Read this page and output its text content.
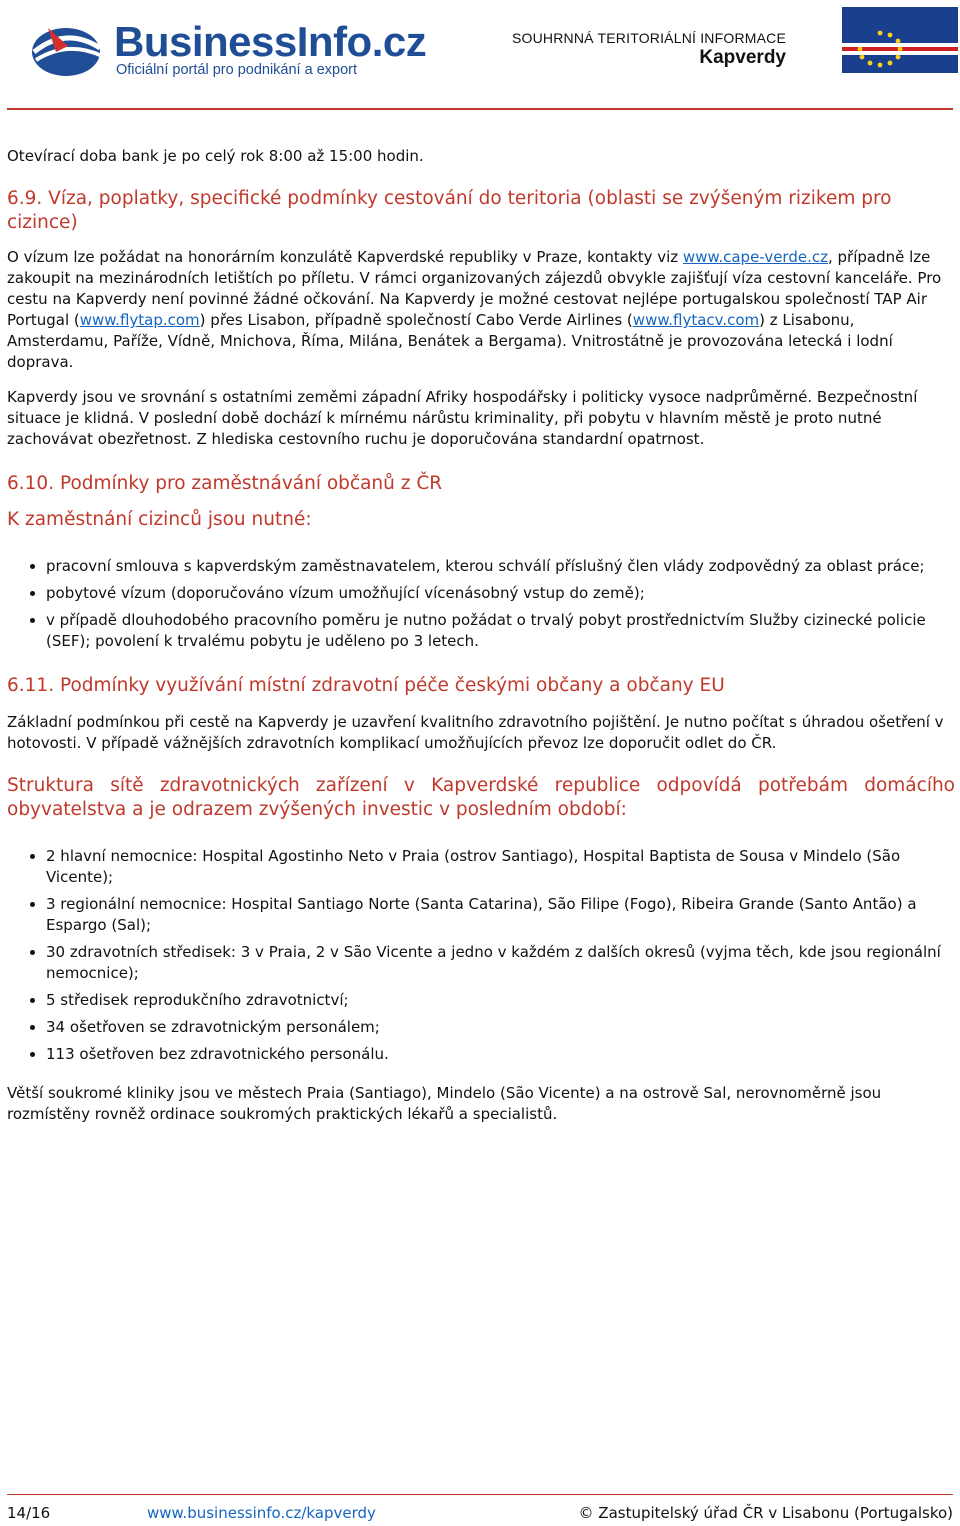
BusinessInfo.cz
Oficiální portál pro podnikání a export
SOUHRNNÁ TERITORIÁLNÍ INFORMACE
Kapverdy

Otevírací doba bank je po celý rok 8:00 až 15:00 hodin.

6.9. Víza, poplatky, specifické podmínky cestování do teritoria (oblasti se zvýšeným rizikem pro cizince)

O vízum lze požádat na honorárním konzulátě Kapverdské republiky v Praze, kontakty viz www.cape-verde.cz, případně lze zakoupit na mezinárodních letištích po příletu. V rámci organizovaných zájezdů obvykle zajišťují víza cestovní kanceláře. Pro cestu na Kapverdy není povinné žádné očkování. Na Kapverdy je možné cestovat nejlépe portugalskou společností TAP Air Portugal (www.flytap.com) přes Lisabon, případně společností Cabo Verde Airlines (www.flytacv.com) z Lisabonu, Amsterdamu, Paříže, Vídně, Mnichova, Říma, Milána, Benátek a Bergama). Vnitrostátně je provozována letecká i lodní doprava.

Kapverdy jsou ve srovnání s ostatními zeměmi západní Afriky hospodářsky i politicky vysoce nadprůměrné. Bezpečnostní situace je klidná. V poslední době dochází k mírnému nárůstu kriminality, při pobytu v hlavním městě je proto nutné zachovávat obezřetnost. Z hlediska cestovního ruchu je doporučována standardní opatrnost.

6.10. Podmínky pro zaměstnávání občanů z ČR
K zaměstnání cizinců jsou nutné:
• pracovní smlouva s kapverdským zaměstnavatelem, kterou schválí příslušný člen vlády zodpovědný za oblast práce;
• pobytové vízum (doporučováno vízum umožňující vícenásobný vstup do země);
• v případě dlouhodobého pracovního poměru je nutno požádat o trvalý pobyt prostřednictvím Služby cizinecké policie (SEF); povolení k trvalému pobytu je uděleno po 3 letech.
6.11. Podmínky využívání místní zdravotní péče českými občany a občany EU

Základní podmínkou při cestě na Kapverdy je uzavření kvalitního zdravotního pojištění. Je nutno počítat s úhradou ošetření v hotovosti. V případě vážnějších zdravotních komplikací umožňujících převoz lze doporučit odlet do ČR.

Struktura sítě zdravotnických zařízení v Kapverdské republice odpovídá potřebám domácího obyvatelstva a je odrazem zvýšených investic v posledním období:
• 2 hlavní nemocnice: Hospital Agostinho Neto v Praia (ostrov Santiago), Hospital Baptista de Sousa v Mindelo (São Vicente);
• 3 regionální nemocnice: Hospital Santiago Norte (Santa Catarina), São Filipe (Fogo), Ribeira Grande (Santo Antão) a Espargo (Sal);
• 30 zdravotních středisek: 3 v Praia, 2 v São Vicente a jedno v každém z dalších okresů (vyjma těch, kde jsou regionální nemocnice);
• 5 středisek reprodukčního zdravotnictví;
• 34 ošetřoven se zdravotnickým personálem;
• 113 ošetřoven bez zdravotnického personálu.

Větší soukromé kliniky jsou ve městech Praia (Santiago), Mindelo (São Vicente) a na ostrově Sal, nerovnoměrně jsou rozmístěny rovněž ordinace soukromých praktických lékařů a specialistů.

14/16	www.businessinfo.cz/kapverdy	© Zastupitelský úřad ČR v Lisabonu (Portugalsko)
